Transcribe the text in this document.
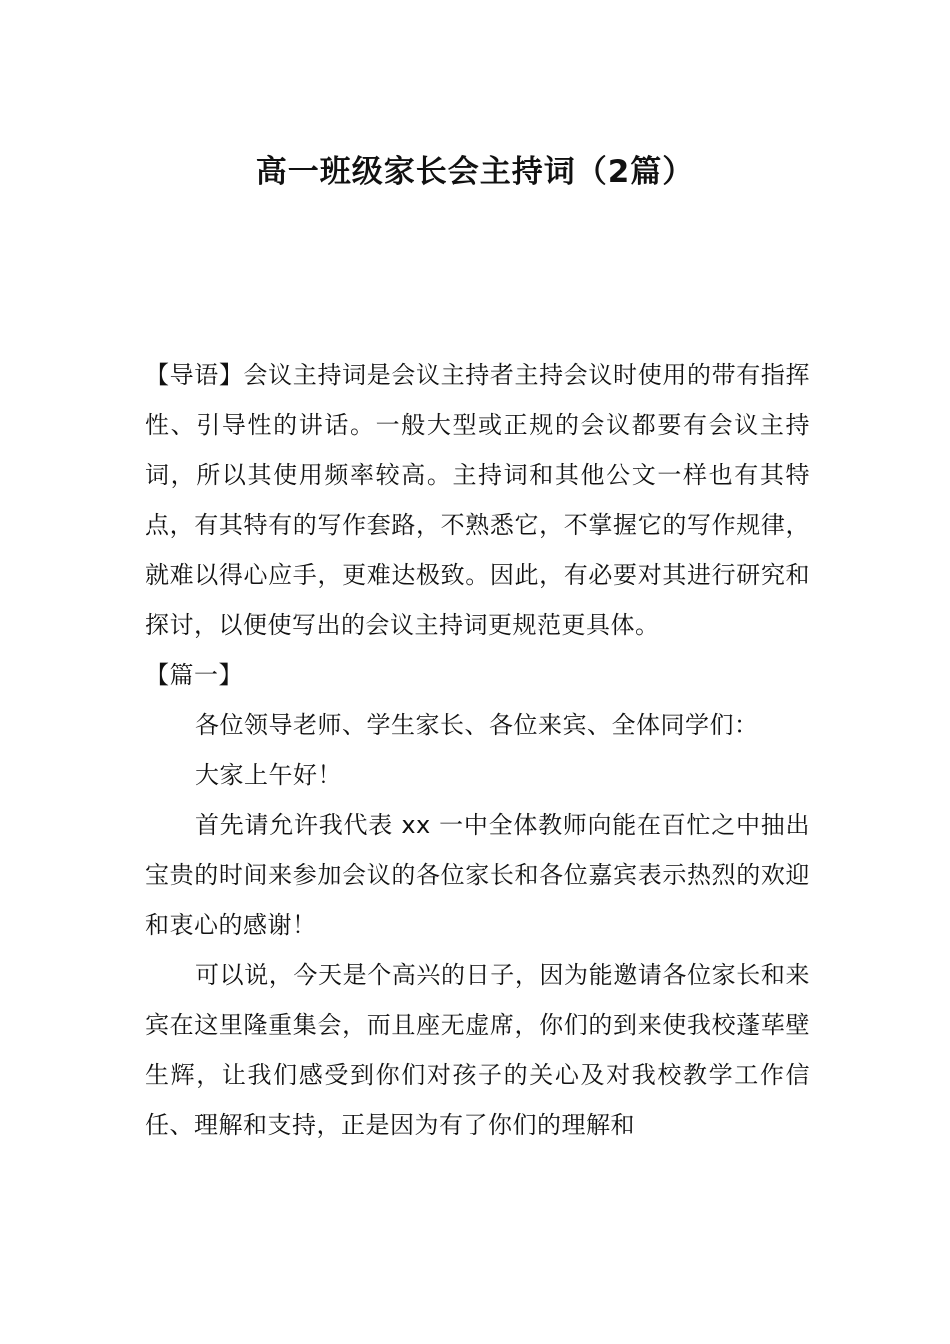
高一班级家长会主持词（2篇）

【导语】会议主持词是会议主持者主持会议时使用的带有指挥性、引导性的讲话。一般大型或正规的会议都要有会议主持词，所以其使用频率较高。主持词和其他公文一样也有其特点，有其特有的写作套路，不熟悉它，不掌握它的写作规律，就难以得心应手，更难达极致。因此，有必要对其进行研究和探讨，以便使写出的会议主持词更规范更具体。

【篇一】

各位领导老师、学生家长、各位来宾、全体同学们：

大家上午好！

首先请允许我代表 xx 一中全体教师向能在百忙之中抽出宝贵的时间来参加会议的各位家长和各位嘉宾表示热烈的欢迎和衷心的感谢！

可以说，今天是个高兴的日子，因为能邀请各位家长和来宾在这里隆重集会，而且座无虚席，你们的到来使我校蓬荜壁生辉，让我们感受到你们对孩子的关心及对我校教学工作信任、理解和支持，正是因为有了你们的理解和
